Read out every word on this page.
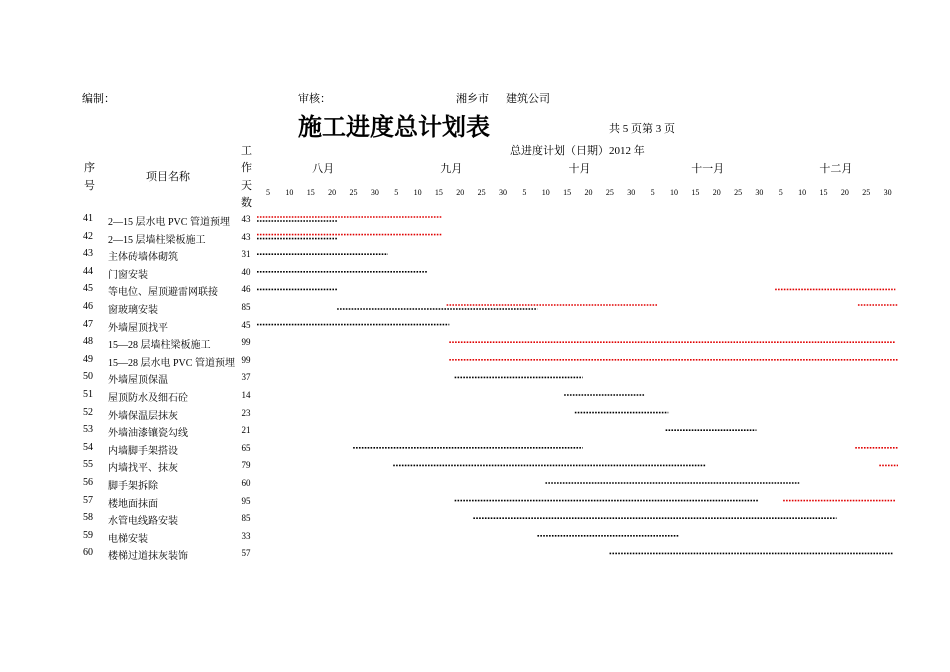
编制：	审核：	湘乡市 建筑公司
施工进度总计划表	共 5 页第 3 页
序
号
项目名称
工
作
天
数
总进度计划（日期）2012 年
八月	九月	十月	十一月	十二月
5 10 15 20 25 30 5 10 15 20 25 30 5 10 15 20 25 30 5 10 15 20 25 30 5 10 15 20 25 30
41 2—15 层水电 PVC 管道预埋 43
42 2—15 层墙柱梁板施工	43
43 主体砖墙体砌筑	31
44 门窗安装	40
45 等电位、屋顶避雷网联接	46
46 窗玻璃安装	85
47 外墙屋顶找平	45
48 15—28 层墙柱梁板施工	99
49 15—28 层水电 PVC 管道预埋 99
50 外墙屋顶保温	37
51 屋顶防水及细石砼	14
52 外墙保温层抹灰	23
53 外墙油漆镶瓷勾线	21
54 内墙脚手架搭设	65
55 内墙找平、抹灰	79
56 脚手架拆除	60
57 楼地面抹面	95
58 水管电线路安装	85
59 电梯安装	33
60 楼梯过道抹灰装饰	57
